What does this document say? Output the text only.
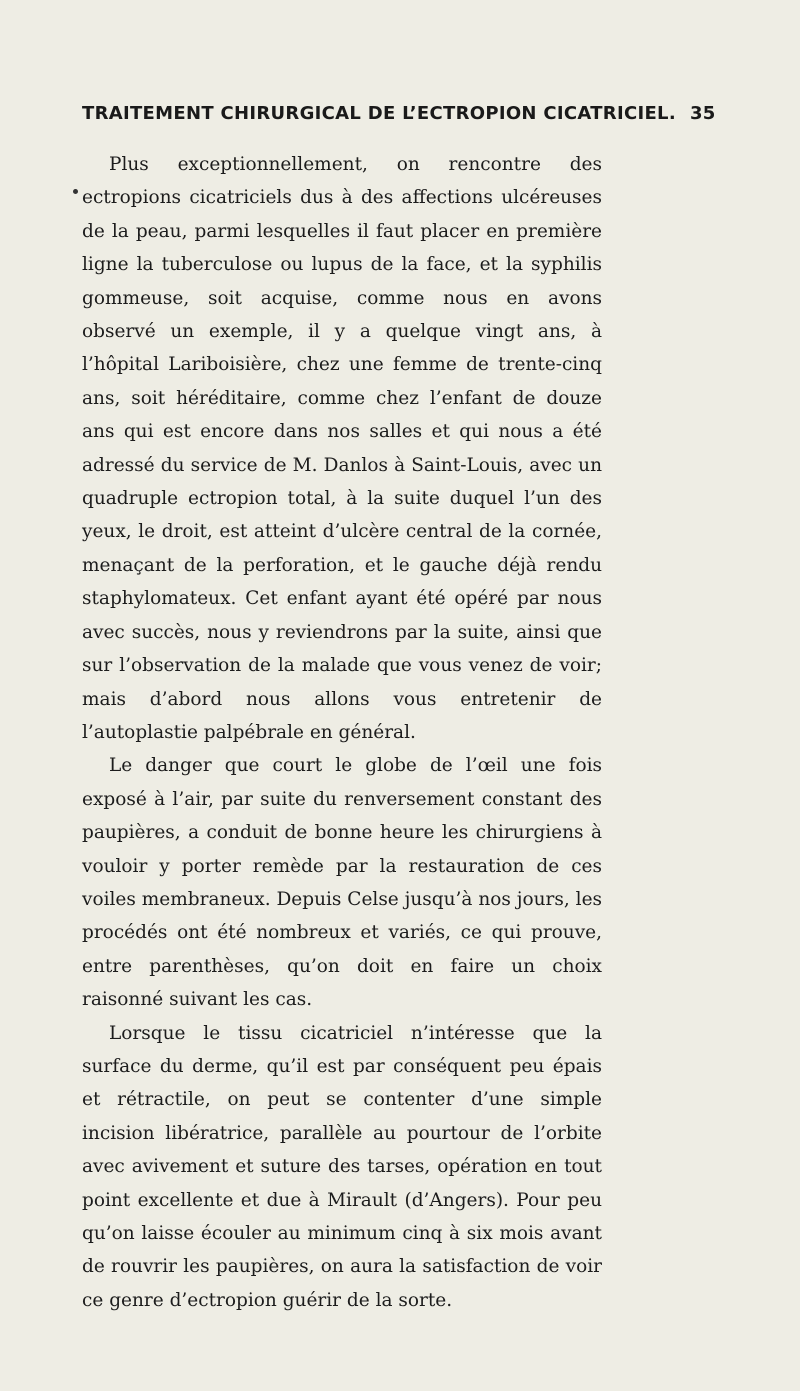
TRAITEMENT CHIRURGICAL DE L’ECTROPION CICATRICIEL. 35

Plus exceptionnellement, on rencontre des ectropions cicatriciels dus à des affections ulcéreuses de la peau, parmi lesquelles il faut placer en première ligne la tuberculose ou lupus de la face, et la syphilis gommeuse, soit acquise, comme nous en avons observé un exemple, il y a quelque vingt ans, à l’hôpital Lariboisière, chez une femme de trente-cinq ans, soit héréditaire, comme chez l’enfant de douze ans qui est encore dans nos salles et qui nous a été adressé du service de M. Danlos à Saint-Louis, avec un quadruple ectropion total, à la suite duquel l’un des yeux, le droit, est atteint d’ulcère central de la cornée, menaçant de la perforation, et le gauche déjà rendu staphylomateux. Cet enfant ayant été opéré par nous avec succès, nous y reviendrons par la suite, ainsi que sur l’observation de la malade que vous venez de voir; mais d’abord nous allons vous entretenir de l’autoplastie palpébrale en général.

Le danger que court le globe de l’œil une fois exposé à l’air, par suite du renversement constant des paupières, a conduit de bonne heure les chirurgiens à vouloir y porter remède par la restauration de ces voiles membraneux. Depuis Celse jusqu’à nos jours, les procédés ont été nombreux et variés, ce qui prouve, entre parenthèses, qu’on doit en faire un choix raisonné suivant les cas.

Lorsque le tissu cicatriciel n’intéresse que la surface du derme, qu’il est par conséquent peu épais et rétractile, on peut se contenter d’une simple incision libératrice, parallèle au pourtour de l’orbite avec avivement et suture des tarses, opération en tout point excellente et due à Mirault (d’Angers). Pour peu qu’on laisse écouler au minimum cinq à six mois avant de rouvrir les paupières, on aura la satisfaction de voir ce genre d’ectropion guérir de la sorte.
